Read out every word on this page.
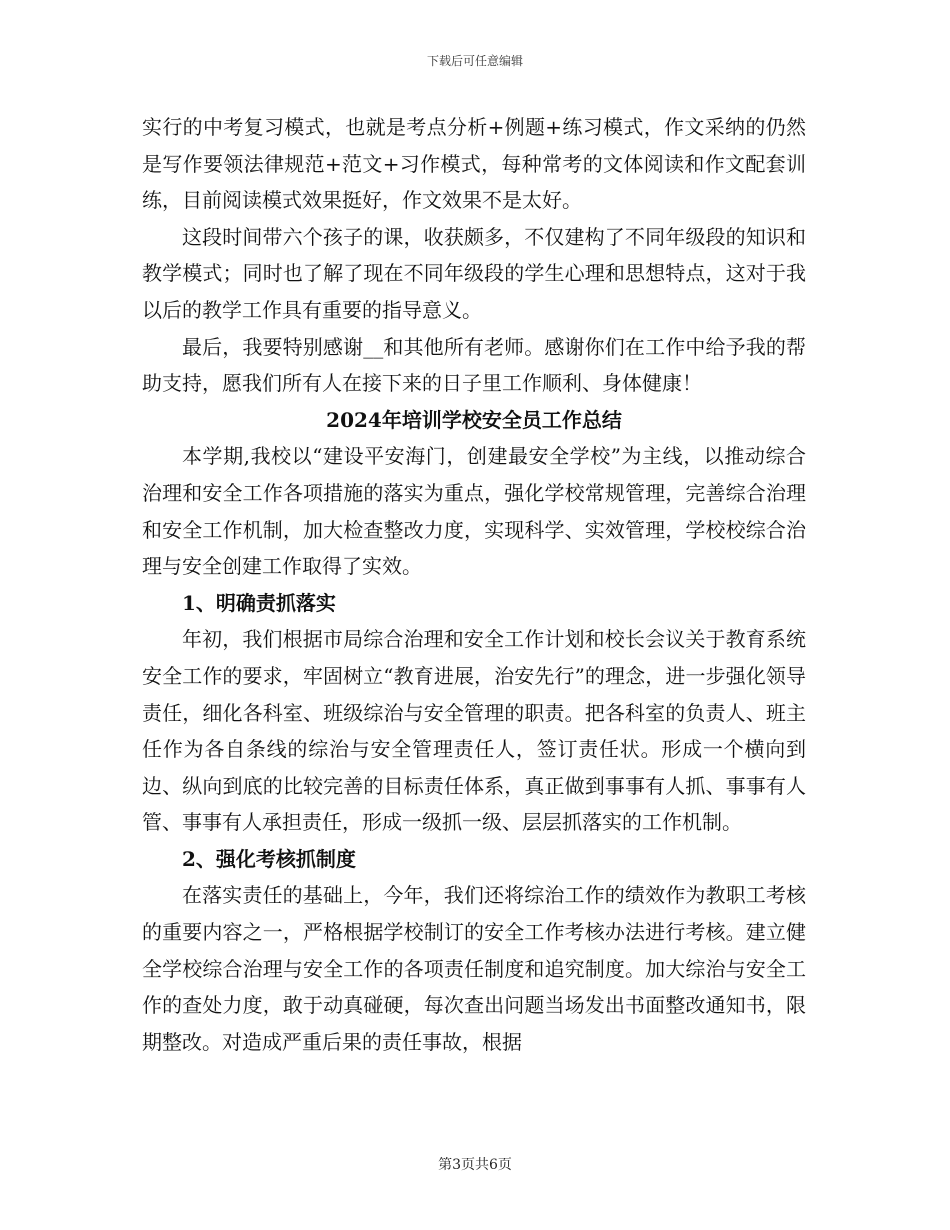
下载后可任意编辑

实行的中考复习模式，也就是考点分析+例题+练习模式，作文采纳的仍然是写作要领法律规范+范文+习作模式，每种常考的文体阅读和作文配套训练，目前阅读模式效果挺好，作文效果不是太好。

这段时间带六个孩子的课，收获颇多，不仅建构了不同年级段的知识和教学模式；同时也了解了现在不同年级段的学生心理和思想特点，这对于我以后的教学工作具有重要的指导意义。

最后，我要特别感谢__和其他所有老师。感谢你们在工作中给予我的帮助支持，愿我们所有人在接下来的日子里工作顺利、身体健康！

2024年培训学校安全员工作总结

本学期,我校以“建设平安海门，创建最安全学校”为主线，以推动综合治理和安全工作各项措施的落实为重点，强化学校常规管理，完善综合治理和安全工作机制，加大检查整改力度，实现科学、实效管理，学校校综合治理与安全创建工作取得了实效。

1、明确责抓落实

年初，我们根据市局综合治理和安全工作计划和校长会议关于教育系统安全工作的要求，牢固树立“教育进展，治安先行”的理念，进一步强化领导责任，细化各科室、班级综治与安全管理的职责。把各科室的负责人、班主任作为各自条线的综治与安全管理责任人，签订责任状。形成一个横向到边、纵向到底的比较完善的目标责任体系，真正做到事事有人抓、事事有人管、事事有人承担责任，形成一级抓一级、层层抓落实的工作机制。

2、强化考核抓制度

在落实责任的基础上，今年，我们还将综治工作的绩效作为教职工考核的重要内容之一，严格根据学校制订的安全工作考核办法进行考核。建立健全学校综合治理与安全工作的各项责任制度和追究制度。加大综治与安全工作的查处力度，敢于动真碰硬，每次查出问题当场发出书面整改通知书，限期整改。对造成严重后果的责任事故，根据

第3页共6页
